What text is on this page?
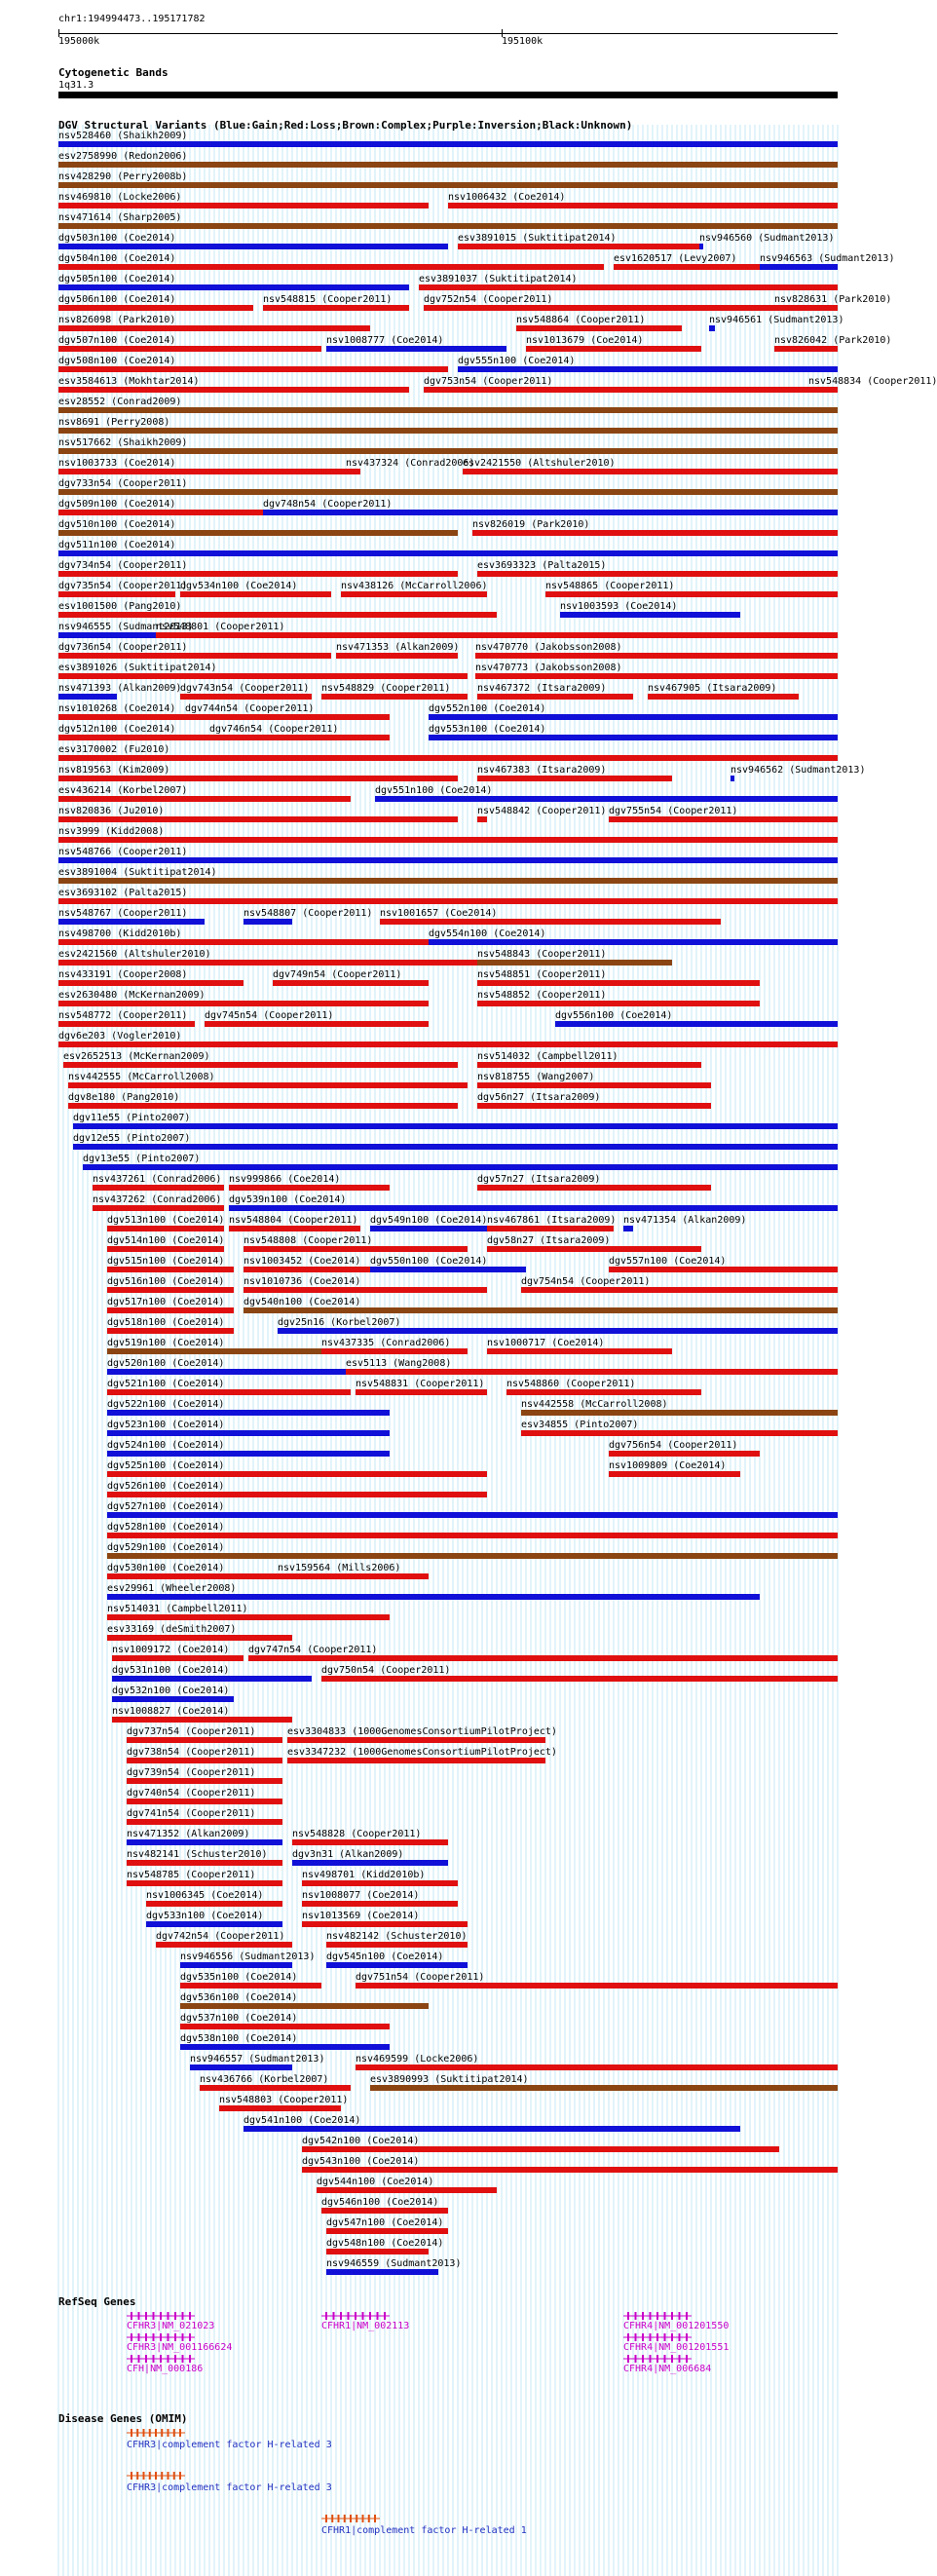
chr1:194994473..195171782
195000k	195100k
Cytogenetic Bands
1q31.3
DGV Structural Variants (Blue:Gain;Red:Loss;Brown:Complex;Purple:Inversion;Black:Unknown)
nsv528460 (Shaikh2009)
esv2758990 (Redon2006)
nsv428290 (Perry2008b)
nsv469810 (Locke2006)	nsv1006432 (Coe2014)
nsv471614 (Sharp2005)
dgv503n100 (Coe2014)	esv3891015 (Suktitipat2014)	nsv946560 (Sudmant2013)
dgv504n100 (Coe2014)	esv1620517 (Levy2007) nsv946563 (Sudmant2013)
dgv505n100 (Coe2014)	esv3891037 (Suktitipat2014)
dgv506n100 (Coe2014)	nsv548815 (Cooper2011)	dgv752n54 (Cooper2011)	nsv828631 (Park2010)
nsv826098 (Park2010)	nsv548864 (Cooper2011)	nsv946561 (Sudmant2013)
dgv507n100 (Coe2014)	nsv1008777 (Coe2014)	nsv1013679 (Coe2014)	nsv826042 (Park2010)
dgv508n100 (Coe2014)	dgv555n100 (Coe2014)
esv3584613 (Mokhtar2014)	dgv753n54 (Cooper2011)	nsv548834 (Cooper2011)
esv28552 (Conrad2009)
nsv8691 (Perry2008)
nsv517662 (Shaikh2009)
nsv1003733 (Coe2014)	nsv437324 (Conrad2006)
esv2421550 (Altshuler2010)
dgv733n54 (Cooper2011)
dgv509n100 (Coe2014)	dgv748n54 (Cooper2011)
dgv510n100 (Coe2014)	nsv826019 (Park2010)
dgv511n100 (Coe2014)
dgv734n54 (Cooper2011)	esv3693323 (Palta2015)
dgv735n54 (Cooper2011)
dgv534n100 (Coe2014)	nsv438126 (McCarroll2006)	nsv548865 (Cooper2011)
esv1001500 (Pang2010)	nsv1003593 (Coe2014)
nsv946555 (Sudmant2013)
nsv548801 (Cooper2011)
dgv736n54 (Cooper2011)	nsv471353 (Alkan2009) nsv470770 (Jakobsson2008)
esv3891026 (Suktitipat2014)	nsv470773 (Jakobsson2008)
nsv471393 (Alkan2009)
dgv743n54 (Cooper2011) nsv548829 (Cooper2011)	nsv467372 (Itsara2009)	nsv467905 (Itsara2009)
nsv1010268 (Coe2014) dgv744n54 (Cooper2011)	dgv552n100 (Coe2014)
dgv512n100 (Coe2014)	dgv746n54 (Cooper2011)	dgv553n100 (Coe2014)
esv3170002 (Fu2010)
nsv819563 (Kim2009)	nsv467383 (Itsara2009)	nsv946562 (Sudmant2013)
esv436214 (Korbel2007)	dgv551n100 (Coe2014)
nsv820836 (Ju2010)	nsv548842 (Cooper2011) dgv755n54 (Cooper2011)
nsv3999 (Kidd2008)
nsv548766 (Cooper2011)
esv3891004 (Suktitipat2014)
esv3693102 (Palta2015)
nsv548767 (Cooper2011)	nsv548807 (Cooper2011) nsv1001657 (Coe2014)
nsv498700 (Kidd2010b)	dgv554n100 (Coe2014)
esv2421560 (Altshuler2010)	nsv548843 (Cooper2011)
nsv433191 (Cooper2008)	dgv749n54 (Cooper2011)	nsv548851 (Cooper2011)
esv2630480 (McKernan2009)	nsv548852 (Cooper2011)
nsv548772 (Cooper2011) dgv745n54 (Cooper2011)	dgv556n100 (Coe2014)
dgv6e203 (Vogler2010)
esv2652513 (McKernan2009)	nsv514032 (Campbell2011)
nsv442555 (McCarroll2008)	nsv818755 (Wang2007)
dgv8e180 (Pang2010)	dgv56n27 (Itsara2009)
dgv11e55 (Pinto2007)
dgv12e55 (Pinto2007)
dgv13e55 (Pinto2007)
nsv437261 (Conrad2006) nsv999866 (Coe2014)	dgv57n27 (Itsara2009)
nsv437262 (Conrad2006) dgv539n100 (Coe2014)
dgv513n100 (Coe2014) nsv548804 (Cooper2011) dgv549n100 (Coe2014) nsv467861 (Itsara2009) nsv471354 (Alkan2009)
dgv514n100 (Coe2014) nsv548808 (Cooper2011)	dgv58n27 (Itsara2009)
dgv515n100 (Coe2014) nsv1003452 (Coe2014) dgv550n100 (Coe2014)	dgv557n100 (Coe2014)
dgv516n100 (Coe2014) nsv1010736 (Coe2014)	dgv754n54 (Cooper2011)
dgv517n100 (Coe2014) dgv540n100 (Coe2014)
dgv518n100 (Coe2014)	dgv25n16 (Korbel2007)
dgv519n100 (Coe2014)	nsv437335 (Conrad2006)	nsv1000717 (Coe2014)
dgv520n100 (Coe2014)	esv5113 (Wang2008)
dgv521n100 (Coe2014)	nsv548831 (Cooper2011) nsv548860 (Cooper2011)
dgv522n100 (Coe2014)	nsv442558 (McCarroll2008)
dgv523n100 (Coe2014)	esv34855 (Pinto2007)
dgv524n100 (Coe2014)	dgv756n54 (Cooper2011)
dgv525n100 (Coe2014)	nsv1009809 (Coe2014)
dgv526n100 (Coe2014)
dgv527n100 (Coe2014)
dgv528n100 (Coe2014)
dgv529n100 (Coe2014)
dgv530n100 (Coe2014)	nsv159564 (Mills2006)
esv29961 (Wheeler2008)
nsv514031 (Campbell2011)
esv33169 (deSmith2007)
nsv1009172 (Coe2014) dgv747n54 (Cooper2011)
dgv531n100 (Coe2014)	dgv750n54 (Cooper2011)
dgv532n100 (Coe2014)
nsv1008827 (Coe2014)
dgv737n54 (Cooper2011)	esv3304833 (1000GenomesConsortiumPilotProject)
dgv738n54 (Cooper2011)	esv3347232 (1000GenomesConsortiumPilotProject)
dgv739n54 (Cooper2011)
dgv740n54 (Cooper2011)
dgv741n54 (Cooper2011)
nsv471352 (Alkan2009)	nsv548828 (Cooper2011)
nsv482141 (Schuster2010)	dgv3n31 (Alkan2009)
nsv548785 (Cooper2011)	nsv498701 (Kidd2010b)
nsv1006345 (Coe2014)	nsv1008077 (Coe2014)
dgv533n100 (Coe2014)	nsv1013569 (Coe2014)
dgv742n54 (Cooper2011)	nsv482142 (Schuster2010)
nsv946556 (Sudmant2013) dgv545n100 (Coe2014)
dgv535n100 (Coe2014)	dgv751n54 (Cooper2011)
dgv536n100 (Coe2014)
dgv537n100 (Coe2014)
dgv538n100 (Coe2014)
nsv946557 (Sudmant2013)	nsv469599 (Locke2006)
nsv436766 (Korbel2007)	esv3890993 (Suktitipat2014)
nsv548803 (Cooper2011)
dgv541n100 (Coe2014)
dgv542n100 (Coe2014)
dgv543n100 (Coe2014)
dgv544n100 (Coe2014)
dgv546n100 (Coe2014)
dgv547n100 (Coe2014)
dgv548n100 (Coe2014)
nsv946559 (Sudmant2013)
RefSeq Genes
CFHR3|NM_021023
CFHR3|NM_001166624
CFH|NM_000186
CFHR1|NM_002113	CFHR4|NM_001201550
CFHR4|NM_001201551
CFHR4|NM_006684
Disease Genes (OMIM)
CFHR3|complement factor H-related 3
CFHR3|complement factor H-related 3
CFHR1|complement factor H-related 1
